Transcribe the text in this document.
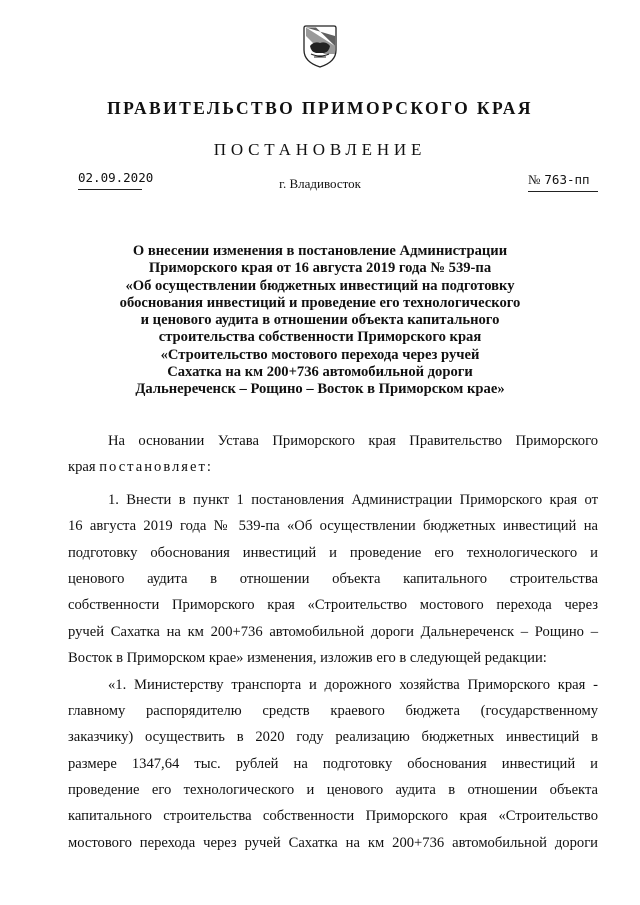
ПРАВИТЕЛЬСТВО ПРИМОРСКОГО КРАЯ
ПОСТАНОВЛЕНИЕ
02.09.2020	г. Владивосток	№ 763-пп
О внесении изменения в постановление Администрации
Приморского края от 16 августа 2019 года № 539-па
«Об осуществлении бюджетных инвестиций на подготовку
обоснования инвестиций и проведение его технологического
и ценового аудита в отношении объекта капитального
строительства собственности Приморского края
«Строительство мостового перехода через ручей
Сахатка на км 200+736 автомобильной дороги
Дальнереченск – Рощино – Восток в Приморском крае»
На основании Устава Приморского края Правительство Приморского
края постановляет:
1. Внести в пункт 1 постановления Администрации Приморского края от
16 августа 2019 года № 539-па «Об осуществлении бюджетных инвестиций на
подготовку обоснования инвестиций и проведение его технологического и
ценового аудита в отношении объекта капитального строительства
собственности Приморского края «Строительство мостового перехода через
ручей Сахатка на км 200+736 автомобильной дороги Дальнереченск – Рощино –
Восток в Приморском крае» изменения, изложив его в следующей редакции:
«1. Министерству транспорта и дорожного хозяйства Приморского края -
главному распорядителю средств краевого бюджета (государственному
заказчику) осуществить в 2020 году реализацию бюджетных инвестиций в
размере 1347,64 тыс. рублей на подготовку обоснования инвестиций и
проведение его технологического и ценового аудита в отношении объекта
капитального строительства собственности Приморского края «Строительство
мостового перехода через ручей Сахатка на км 200+736 автомобильной дороги
